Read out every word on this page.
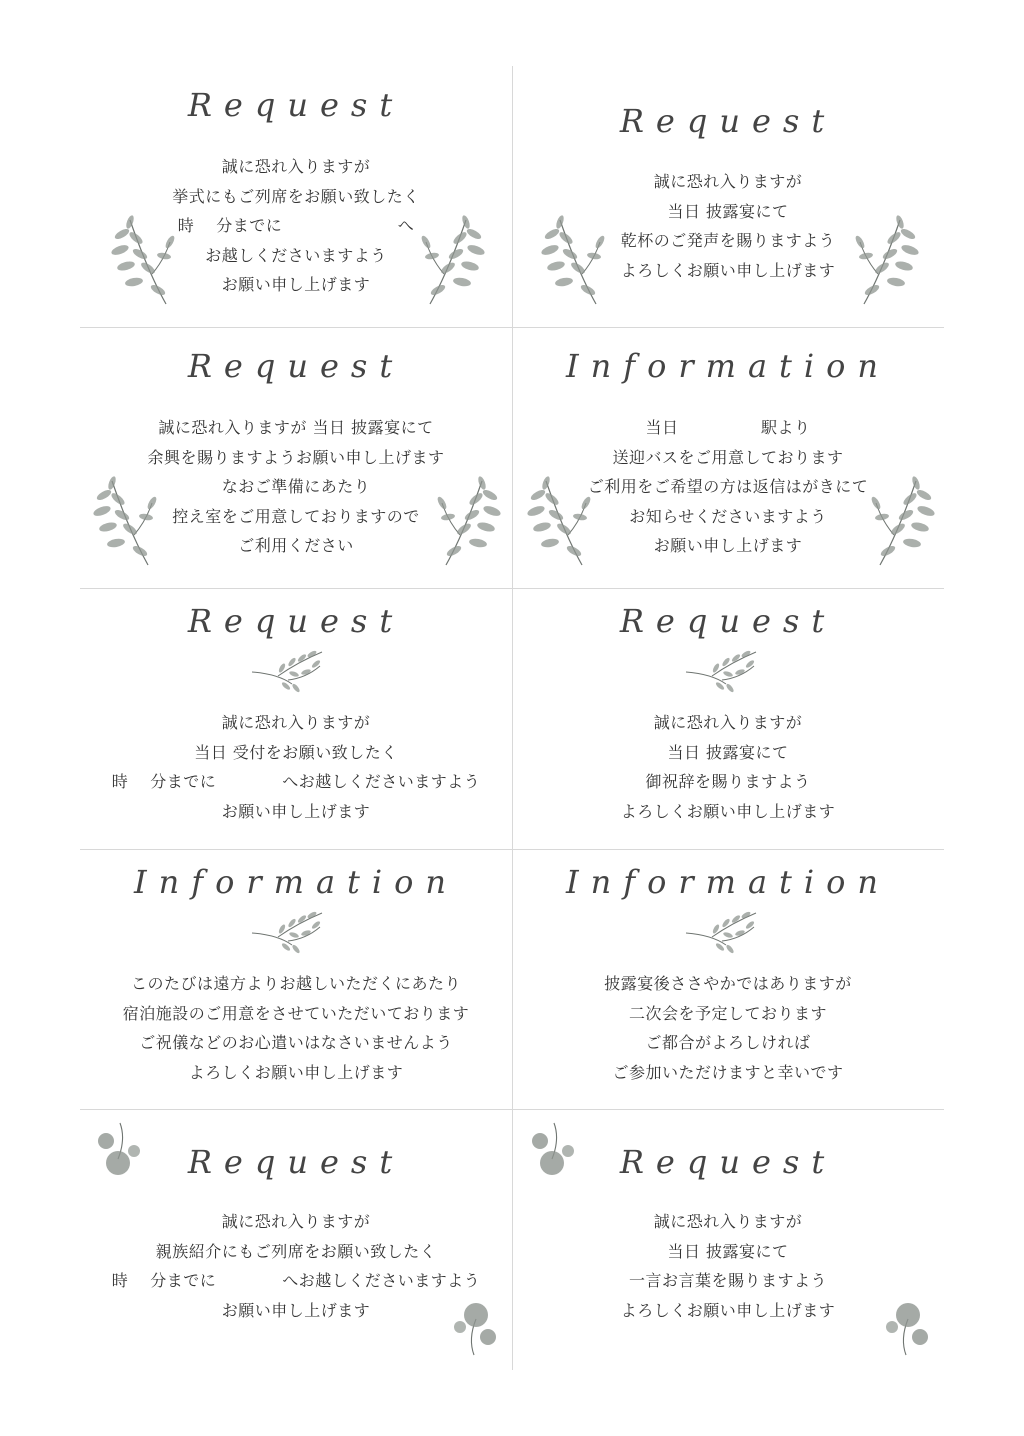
Request
誠に恐れ入りますが
挙式にもご列席をお願い致したく
時　 分までに　　　　　　　へ
お越しくださいますよう
お願い申し上げます
Request
誠に恐れ入りますが
当日 披露宴にて
乾杯のご発声を賜りますよう
よろしくお願い申し上げます
Request
誠に恐れ入りますが 当日 披露宴にて
余興を賜りますようお願い申し上げます
なおご準備にあたり
控え室をご用意しておりますので
ご利用ください
Information
当日　　　　　駅より
送迎バスをご用意しております
ご利用をご希望の方は返信はがきにて
お知らせくださいますよう
お願い申し上げます
Request
誠に恐れ入りますが
当日 受付をお願い致したく
時　 分までに　　　　へお越しくださいますよう
お願い申し上げます
Request
誠に恐れ入りますが
当日 披露宴にて
御祝辞を賜りますよう
よろしくお願い申し上げます
Information
このたびは遠方よりお越しいただくにあたり
宿泊施設のご用意をさせていただいております
ご祝儀などのお心遣いはなさいませんよう
よろしくお願い申し上げます
Information
披露宴後ささやかではありますが
二次会を予定しております
ご都合がよろしければ
ご参加いただけますと幸いです
Request
誠に恐れ入りますが
親族紹介にもご列席をお願い致したく
時　 分までに　　　　へお越しくださいますよう
お願い申し上げます
Request
誠に恐れ入りますが
当日 披露宴にて
一言お言葉を賜りますよう
よろしくお願い申し上げます
